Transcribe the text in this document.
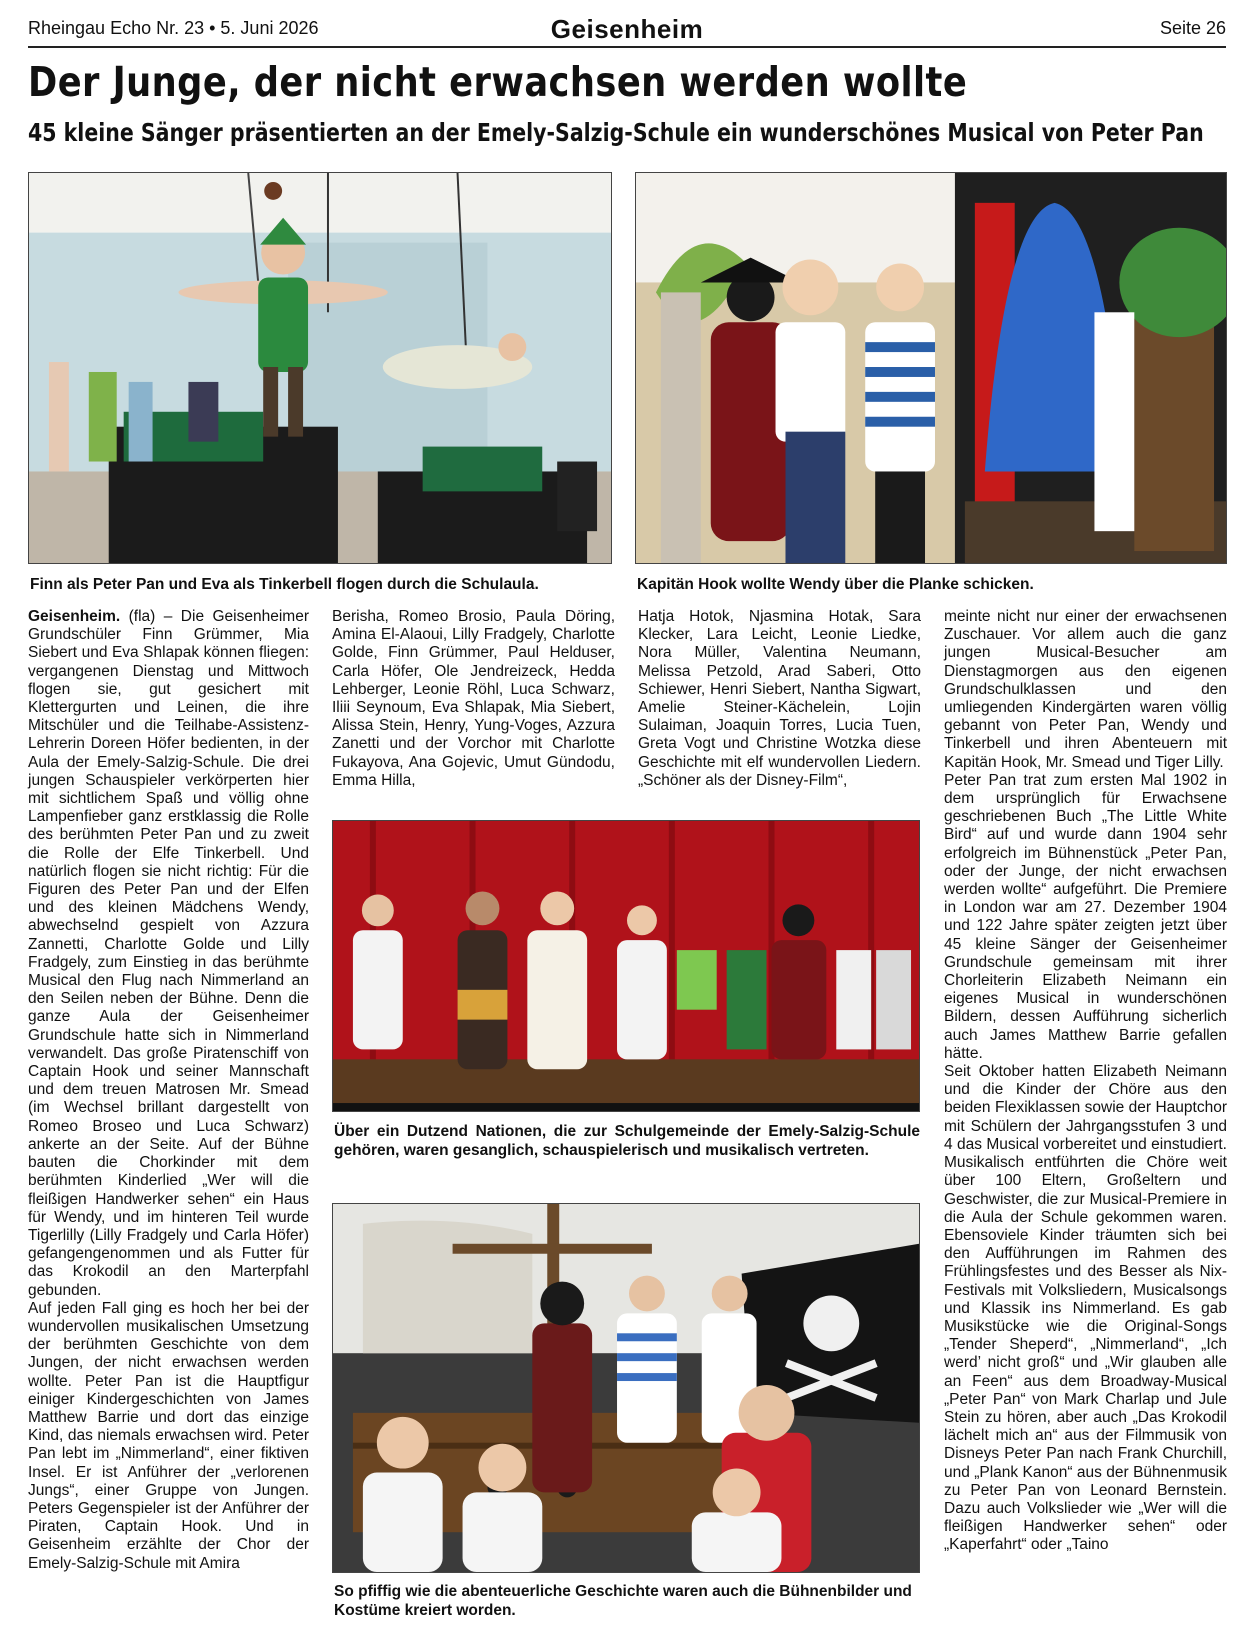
Rheingau Echo Nr. 23 • 5. Juni 2026	Geisenheim	Seite 26
Der Junge, der nicht erwachsen werden wollte
45 kleine Sänger präsentierten an der Emely-Salzig-Schule ein wunderschönes Musical von Peter Pan
Finn als Peter Pan und Eva als Tinkerbell flogen durch die Schulaula.	Kapitän Hook wollte Wendy über die Planke schicken.

Geisenheim. (fla) – Die Geisenheimer Grundschüler Finn Grümmer, Mia Siebert und Eva Shlapak können fliegen: vergangenen Dienstag und Mittwoch flogen sie, gut gesichert mit Klettergurten und Leinen, die ihre Mitschüler und die Teilhabe-Assistenz-Lehrerin Doreen Höfer bedienten, in der Aula der Emely-Salzig-Schule. Die drei jungen Schauspieler verkörperten hier mit sichtlichem Spaß und völlig ohne Lampenfieber ganz erstklassig die Rolle des berühmten Peter Pan und zu zweit die Rolle der Elfe Tinkerbell. Und natürlich flogen sie nicht richtig: Für die Figuren des Peter Pan und der Elfen und des kleinen Mädchens Wendy, abwechselnd gespielt von Azzura Zannetti, Charlotte Golde und Lilly Fradgely, zum Einstieg in das berühmte Musical den Flug nach Nimmerland an den Seilen neben der Bühne. Denn die ganze Aula der Geisenheimer Grundschule hatte sich in Nimmerland verwandelt. Das große Piratenschiff von Captain Hook und seiner Mannschaft und dem treuen Matrosen Mr. Smead (im Wechsel brillant dargestellt von Romeo Broseo und Luca Schwarz) ankerte an der Seite. Auf der Bühne bauten die Chorkinder mit dem berühmten Kinderlied „Wer will die fleißigen Handwerker sehen“ ein Haus für Wendy, und im hinteren Teil wurde Tigerlilly (Lilly Fradgely und Carla Höfer) gefangengenommen und als Futter für das Krokodil an den Marterpfahl gebunden.

Auf jeden Fall ging es hoch her bei der wundervollen musikalischen Umsetzung der berühmten Geschichte von dem Jungen, der nicht erwachsen werden wollte. Peter Pan ist die Hauptfigur einiger Kindergeschichten von James Matthew Barrie und dort das einzige Kind, das niemals erwachsen wird. Peter Pan lebt im „Nimmerland“, einer fiktiven Insel. Er ist Anführer der „verlorenen Jungs“, einer Gruppe von Jungen. Peters Gegenspieler ist der Anführer der Piraten, Captain Hook. Und in Geisenheim erzählte der Chor der Emely-Salzig-Schule mit Amira

Berisha, Romeo Brosio, Paula Döring, Amina El-Alaoui, Lilly Fradgely, Charlotte Golde, Finn Grümmer, Paul Helduser, Carla Höfer, Ole Jendreizeck, Hedda Lehberger, Leonie Röhl, Luca Schwarz, Iliii Seynoum, Eva Shlapak, Mia Siebert, Alissa Stein, Henry, Yung-Voges, Azzura Zanetti und der Vorchor mit Charlotte Fukayova, Ana Gojevic, Umut Gündodu, Emma Hilla,

Hatja Hotok, Njasmina Hotak, Sara Klecker, Lara Leicht, Leonie Liedke, Nora Müller, Valentina Neumann, Melissa Petzold, Arad Saberi, Otto Schiewer, Henri Siebert, Nantha Sigwart, Amelie Steiner-Kächelein, Lojin Sulaiman, Joaquin Torres, Lucia Tuen, Greta Vogt und Christine Wotzka diese Geschichte mit elf wundervollen Liedern. „Schöner als der Disney-Film“,

meinte nicht nur einer der erwachsenen Zuschauer. Vor allem auch die ganz jungen Musical-Besucher am Dienstagmorgen aus den eigenen Grundschulklassen und den umliegenden Kindergärten waren völlig gebannt von Peter Pan, Wendy und Tinkerbell und ihren Abenteuern mit Kapitän Hook, Mr. Smead und Tiger Lilly.

Peter Pan trat zum ersten Mal 1902 in dem ursprünglich für Erwachsene geschriebenen Buch „The Little White Bird“ auf und wurde dann 1904 sehr erfolgreich im Bühnenstück „Peter Pan, oder der Junge, der nicht erwachsen werden wollte“ aufgeführt. Die Premiere in London war am 27. Dezember 1904 und 122 Jahre später zeigten jetzt über 45 kleine Sänger der Geisenheimer Grundschule gemeinsam mit ihrer Chorleiterin Elizabeth Neimann ein eigenes Musical in wunderschönen Bildern, dessen Aufführung sicherlich auch James Matthew Barrie gefallen hätte.

Seit Oktober hatten Elizabeth Neimann und die Kinder der Chöre aus den beiden Flexiklassen sowie der Hauptchor mit Schülern der Jahrgangsstufen 3 und 4 das Musical vorbereitet und einstudiert. Musikalisch entführten die Chöre weit über 100 Eltern, Großeltern und Geschwister, die zur Musical-Premiere in die Aula der Schule gekommen waren. Ebensoviele Kinder träumten sich bei den Aufführungen im Rahmen des Frühlingsfestes und des Besser als Nix-Festivals mit Volksliedern, Musicalsongs und Klassik ins Nimmerland. Es gab Musikstücke wie die Original-Songs „Tender Sheperd“, „Nimmerland“, „Ich werd’ nicht groß“ und „Wir glauben alle an Feen“ aus dem Broadway-Musical „Peter Pan“ von Mark Charlap und Jule Stein zu hören, aber auch „Das Krokodil lächelt mich an“ aus der Filmmusik von Disneys Peter Pan nach Frank Churchill, und „Plank Kanon“ aus der Bühnenmusik zu Peter Pan von Leonard Bernstein. Dazu auch Volkslieder wie „Wer will die fleißigen Handwerker sehen“ oder „Kaperfahrt“ oder „Taino

Über ein Dutzend Nationen, die zur Schulgemeinde der Emely-Salzig-Schule gehören, waren gesanglich, schauspielerisch und musikalisch vertreten.
So pfiffig wie die abenteuerliche Geschichte waren auch die Bühnenbilder und Kostüme kreiert worden.
